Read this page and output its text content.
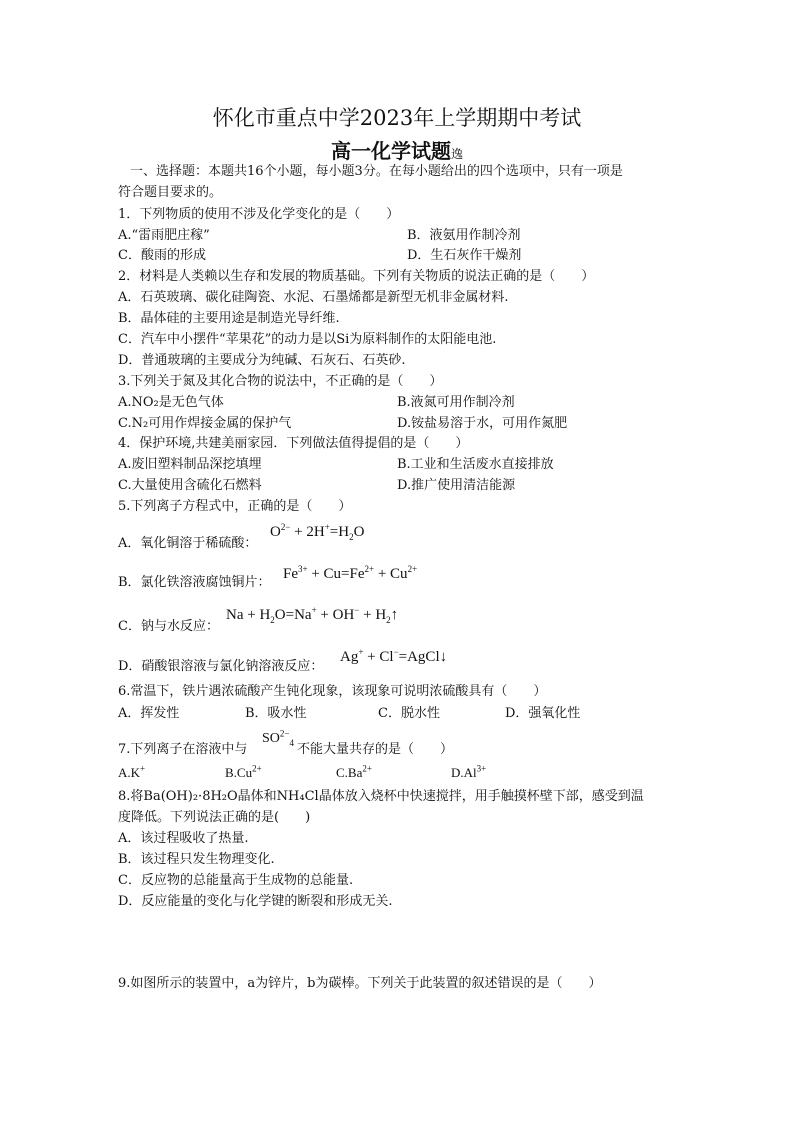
怀化市重点中学2023年上学期期中考试
高一化学试题逸
一、选择题：本题共16个小题，每小题3分。在每小题给出的四个选项中，只有一项是
符合题目要求的。
1．下列物质的使用不涉及化学变化的是（　　）
A.“雷雨肥庄稼”	B．液氨用作制冷剂
C．酸雨的形成	D．生石灰作干燥剂
2．材料是人类赖以生存和发展的物质基础。下列有关物质的说法正确的是（　　）
A．石英玻璃、碳化硅陶瓷、水泥、石墨烯都是新型无机非金属材料.
B．晶体硅的主要用途是制造光导纤维.
C．汽车中小摆件“苹果花”的动力是以Si为原料制作的太阳能电池.
D．普通玻璃的主要成分为纯碱、石灰石、石英砂.
3.下列关于氮及其化合物的说法中，不正确的是（　　）
A.NO₂是无色气体	B.液氮可用作制冷剂
C.N₂可用作焊接金属的保护气	D.铵盐易溶于水，可用作氮肥
4．保护环境,共建美丽家园．下列做法值得提倡的是（　　）
A.废旧塑料制品深挖填埋	B.工业和生活废水直接排放
C.大量使用含硫化石燃料	D.推广使用清洁能源
5.下列离子方程式中，正确的是（　　）
A．氧化铜溶于稀硫酸：
$O^{2-} + 2H^+=H_2O$
B．氯化铁溶液腐蚀铜片：
$Fe^{3+} + Cu=Fe^{2+} + Cu^{2+}$
C．钠与水反应：
$Na + H_2O=Na^+ + OH^-$ + $H_2↑$
D．硝酸银溶液与氯化钠溶液反应：
Ag+ + Cl−=AgCl↓
6.常温下，铁片遇浓硫酸产生钝化现象，该现象可说明浓硫酸具有（　　）
A．挥发性	B．吸水性	C．脱水性	D．强氧化性
7.下列离子在溶液中与
$SO^{2-}_4$ 不能大量共存的是（　　）
A.K+	$B.Cu^{2+}$	$C.Ba^{2+}$	$D.Al^{3+}$
8.将Ba(OH)₂·8H₂O晶体和NH₄Cl晶体放入烧杯中快速搅拌，用手触摸杯壁下部，感受到温
度降低。下列说法正确的是(　　)
A．该过程吸收了热量.
B．该过程只发生物理变化.
C．反应物的总能量高于生成物的总能量.
D．反应能量的变化与化学键的断裂和形成无关.
9.如图所示的装置中，a为锌片，b为碳棒。下列关于此装置的叙述错误的是（　　）
